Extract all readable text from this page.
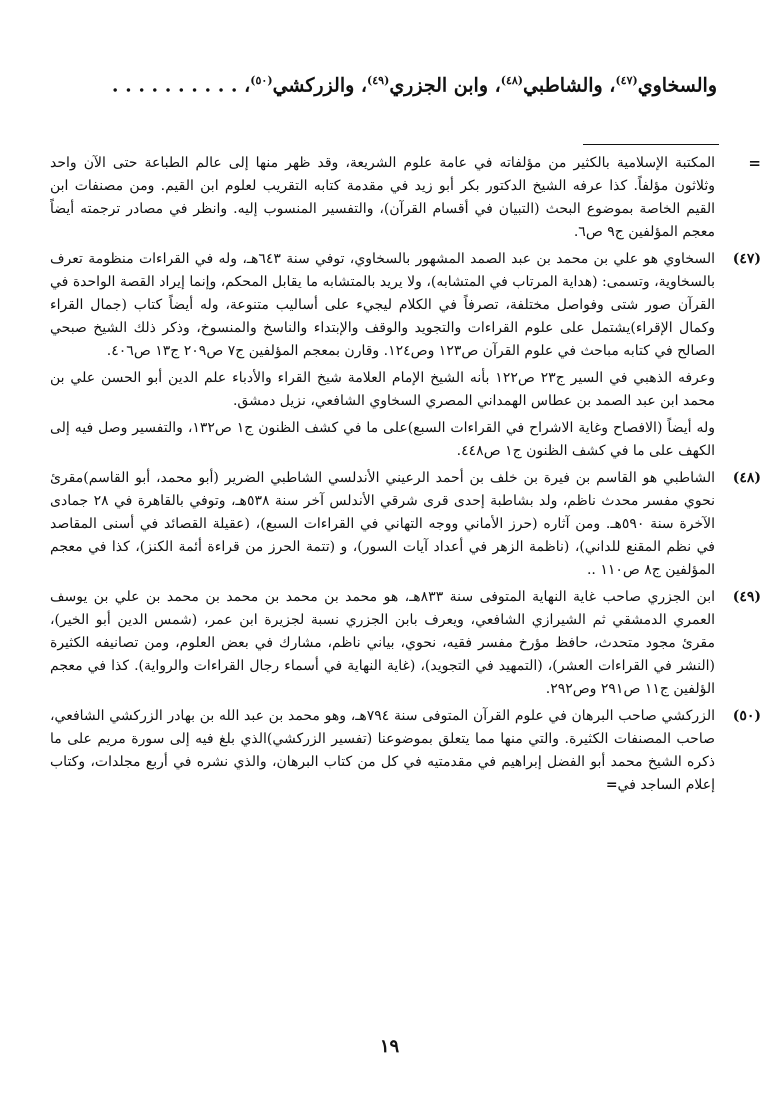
والسخاوي$^{(٤٧)}$، والشاطبي$^{(٤٨)}$، وابن الجزري$^{(٤٩)}$، والزركشي$^{(٥٠)}$، . . . . . . . . . .
=
المكتبة الإسلامية بالكثير من مؤلفاته في عامة علوم الشريعة، وقد ظهر منها إلى عالم الطباعة حتى الآن واحد وثلاثون مؤلفاً. كذا عرفه الشيخ الدكتور بكر أبو زيد في مقدمة كتابه التقريب لعلوم ابن القيم. ومن مصنفات ابن القيم الخاصة بموضوع البحث (التبيان في أقسام القرآن)، والتفسير المنسوب إليه. وانظر في مصادر ترجمته أيضاً معجم المؤلفين ج٩ ص٦.
(٤٧)
السخاوي هو علي بن محمد بن عبد الصمد المشهور بالسخاوي، توفي سنة ٦٤٣هـ، وله في القراءات منظومة تعرف بالسخاوية، وتسمى: (هداية المرتاب في المتشابه)، ولا يريد بالمتشابه ما يقابل المحكم، وإنما إيراد القصة الواحدة في القرآن صور شتى وفواصل مختلفة، تصرفاً في الكلام ليجيء على أساليب متنوعة، وله أيضاً كتاب (جمال القراء وكمال الإقراء)يشتمل على علوم القراءات والتجويد والوقف والإبتداء والناسخ والمنسوخ، وذكر ذلك الشيخ صبحي الصالح في كتابه مباحث في علوم القرآن ص١٢٣ وص١٢٤. وقارن بمعجم المؤلفين ج٧ ص٢٠٩ ج١٣ ص٤٠٦.
وعرفه الذهبي في السير ج٢٣ ص١٢٢ بأنه الشيخ الإمام العلامة شيخ القراء والأدباء علم الدين أبو الحسن علي بن محمد ابن عبد الصمد بن عطاس الهمداني المصري السخاوي الشافعي، نزيل دمشق.
وله أيضاً (الافصاح وغاية الاشراح في القراءات السبع)على ما في كشف الظنون ج١ ص١٣٢، والتفسير وصل فيه إلى الكهف على ما في كشف الظنون ج١ ص٤٤٨.
(٤٨)
الشاطبي هو القاسم بن فيرة بن خلف بن أحمد الرعيني الأندلسي الشاطبي الضرير (أبو محمد، أبو القاسم)مقرئ نحوي مفسر محدث ناظم، ولد بشاطبة إحدى قرى شرقي الأندلس آخر سنة ٥٣٨هـ، وتوفي بالقاهرة في ٢٨ جمادى الآخرة سنة ٥٩٠هـ. ومن آثاره (حرز الأماني ووجه التهاني في القراءات السبع)، (عقيلة القصائد في أسنى المقاصد في نظم المقنع للداني)، (ناظمة الزهر في أعداد آيات السور)، و (تتمة الحرز من قراءة أئمة الكنز)، كذا في معجم المؤلفين ج٨ ص١١٠ ..
(٤٩)
ابن الجزري صاحب غاية النهاية المتوفى سنة ٨٣٣هـ، هو محمد بن محمد بن محمد بن محمد بن علي بن يوسف العمري الدمشقي ثم الشيرازي الشافعي، ويعرف بابن الجزري نسبة لجزيرة ابن عمر، (شمس الدين أبو الخير)، مقرئ مجود متحدث، حافظ مؤرخ مفسر فقيه، نحوي، بياني ناظم، مشارك في بعض العلوم، ومن تصانيفه الكثيرة (النشر في القراءات العشر)، (التمهيد في التجويد)، (غاية النهاية في أسماء رجال القراءات والرواية). كذا في معجم الؤلفين ج١١ ص٢٩١ وص٢٩٢.
(٥٠)
الزركشي صاحب البرهان في علوم القرآن المتوفى سنة ٧٩٤هـ، وهو محمد بن عبد الله بن بهادر الزركشي الشافعي، صاحب المصنفات الكثيرة. والتي منها مما يتعلق بموضوعنا (تفسير الزركشي)الذي بلغ فيه إلى سورة مريم على ما ذكره الشيخ محمد أبو الفضل إبراهيم في مقدمتيه في كل من كتاب البرهان، والذي نشره في أربع مجلدات، وكتاب إعلام الساجد في=
١٩
